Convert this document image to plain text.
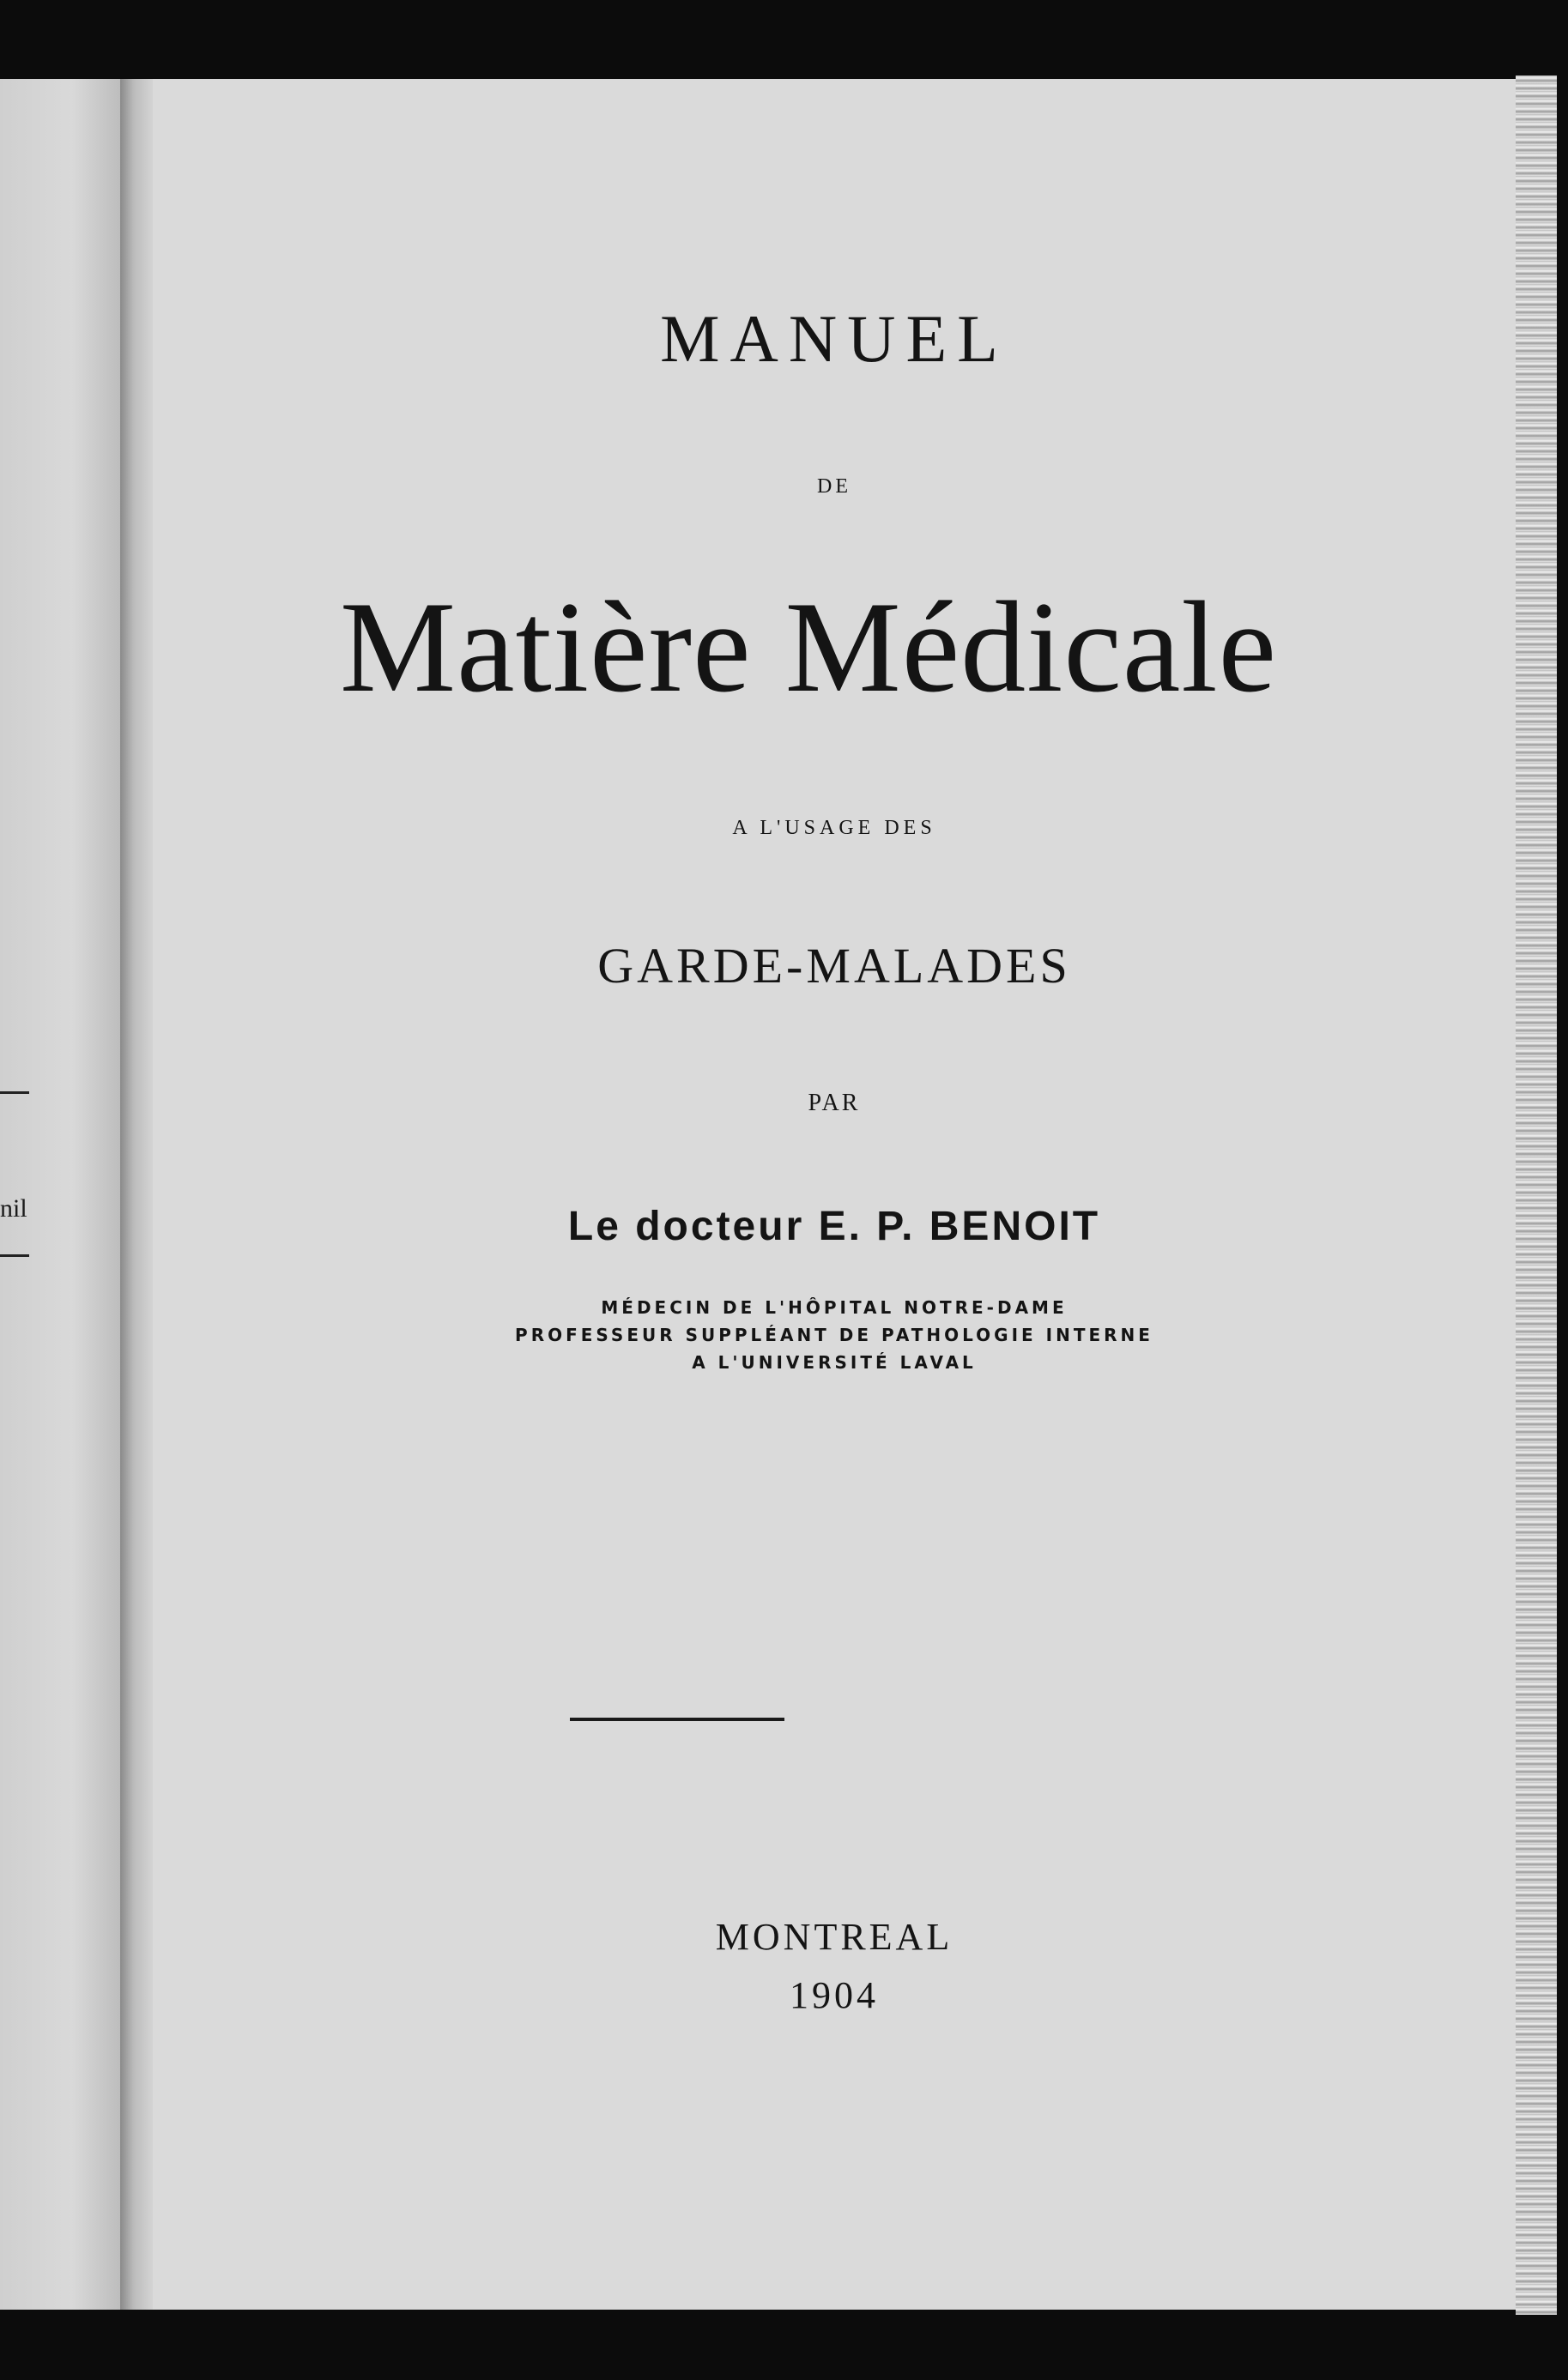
nil
MANUEL
DE
Matière Médicale
A L'USAGE DES
GARDE-MALADES
PAR
Le docteur E. P. BENOIT
MÉDECIN DE L'HÔPITAL NOTRE-DAME
PROFESSEUR SUPPLÉANT DE PATHOLOGIE INTERNE
A L'UNIVERSITÉ LAVAL
MONTREAL
1904
